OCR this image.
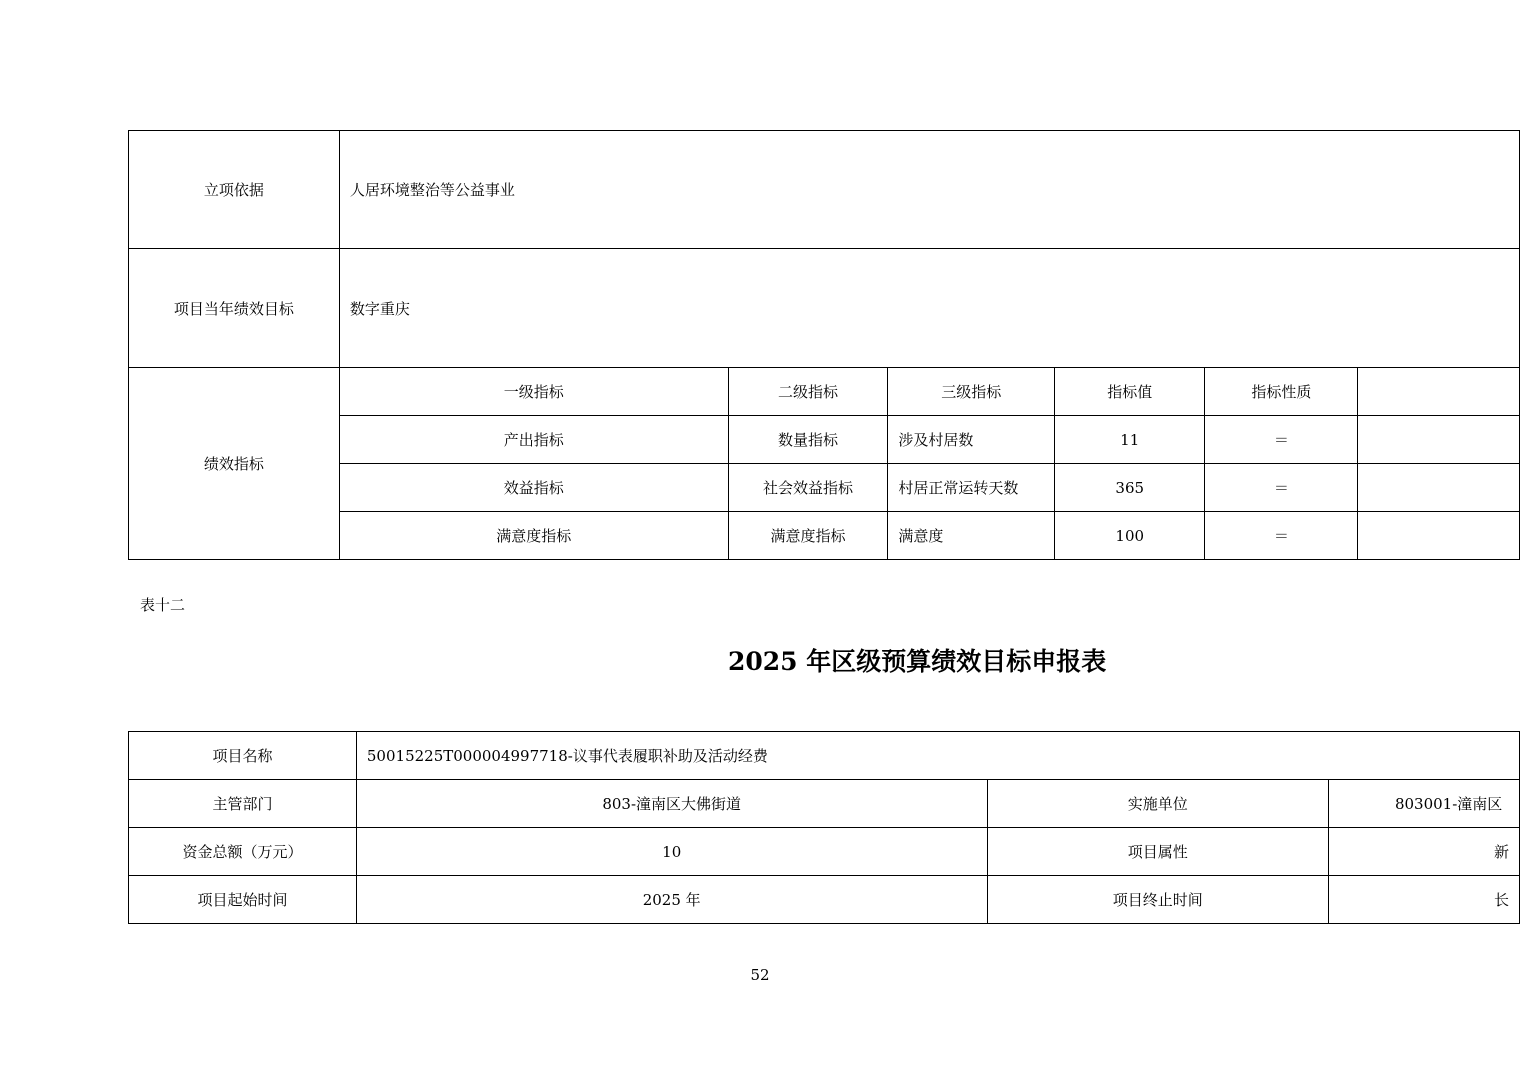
立项依据	人居环境整治等公益事业					
项目当年绩效目标	数字重庆					
绩效指标	一级指标	二级指标	三级指标	指标值	指标性质	
	产出指标	数量指标	涉及村居数	11	＝	
	效益指标	社会效益指标	村居正常运转天数	365	＝	
	满意度指标	满意度指标	满意度	100	＝	
表十二
2025 年区级预算绩效目标申报表
项目名称	50015225T000004997718-议事代表履职补助及活动经费		
主管部门	803-潼南区大佛街道	实施单位	803001-潼南区
资金总额（万元）	10	项目属性	新
项目起始时间	2025 年	项目终止时间	长
52
